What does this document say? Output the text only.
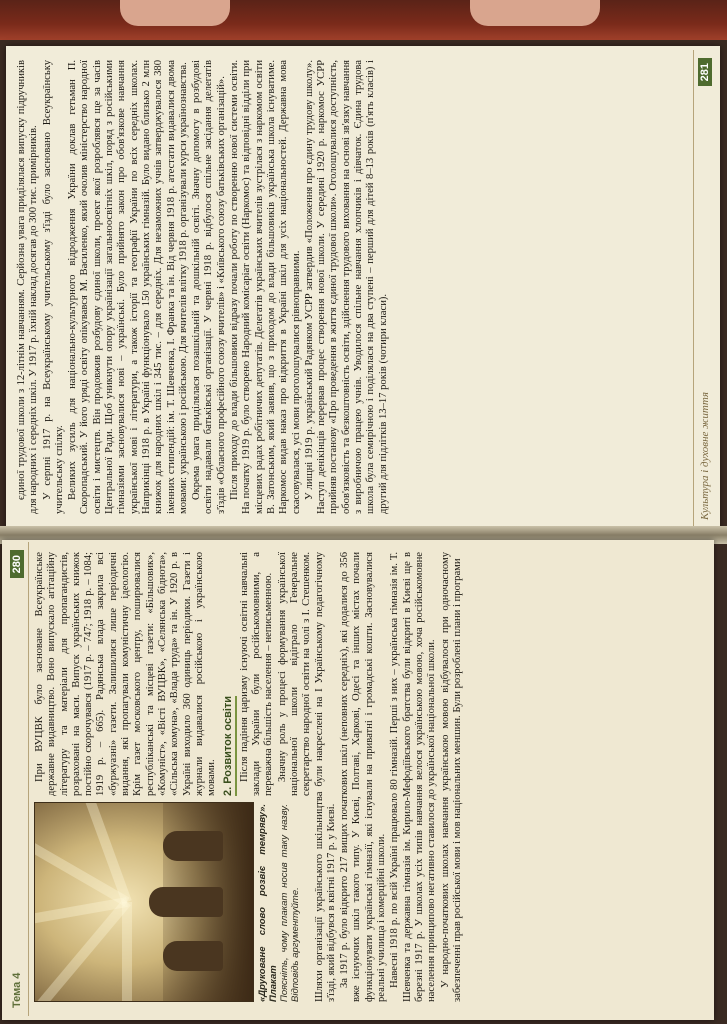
єдиної трудової школи з 12-літнім навчанням. Серйозна увага приділялася випуску підручників для народних і середніх шкіл. У 1917 р. їхній наклад досягав до 300 тис. примірників. У серпні 1917 р. на Всеукраїнському учительському з'їзді було засновано Всеукраїнську учительську спілку. Великих зусиль для національно-культурного відродження України доклав гетьман П. Скоропадський. У його уряді освіту опікувався М. Василенко, який очолив міністерство народної освіти і мистецтв. Він продовжив розбудову єдиної школи, проект якої розроблявся ще за часів Центральної Ради. Щоб уникнути опору українізації загальноосвітніх шкіл, поряд з російськими гімназіями засновувалися нові – українські. Було прийнято закон про обов'язкове навчання української мові і літератури, а також історії та географії України по всіх середніх школах. Наприкінці 1918 р. в Україні функціонувало 150 українських гімназій. Було видано близько 2 млн книжок для народних шкіл і 345 тис. – для середніх. Для незаможних учнів затверджувалося 380 іменних стипендій: ім. Т. Шевченка, І. Франка та ін. Від червня 1918 р. атестати видавалися двома мовами: українською і російською. Для вчителів влітку 1918 р. організували курси українознавства. Окрема увага приділялася позашкільній та дошкільній освіті. Значну допомогу в розбудові освіти надавали батьківські організації. У червні 1918 р. відбулося спільне засідання делегатів з'їздів «Обласного професійного союзу вчителів» і «Київського союзу батьківських організацій». Після приходу до влади більшовики відразу почали роботу по створенню нової системи освіти. На початку 1919 р. було створено Народний комісаріат освіти (Наркомос) та відповідні відділи при місцевих радах робітничих депутатів. Делегатів українських вчителів зустрілася з наркомом освіти В. Затонським, який заявив, що з приходом до влади більшовиків українська школа існуватиме. Наркомос видав наказ про відкриття в Україні шкіл для усіх національностей. Державна мова скасовувалася, усі мови проголошувалися рівноправними. У лищні 1919 р. український Радянком УСРР затвердив «Положення про єдину трудову школу». Наступ денікінців перервав процес створення нової школи. У середині 1920 р. наркомос УСРР прийняв постанову «Про проведення в життя єдиної трудової школи». Оголошувалися доступність, обов'язковість та безкоштовність освіти, здійснення трудового виховання на основі зв'язку навчання з виробничою працею учнів. Уводилося спільне навчання хлопчиків і дівчаток. Єдина трудова школа була семирічною і поділялася на два ступені – перший для дітей 8–13 років (п'ять класів) і другий для підлітків 13–17 років (чотири класи).	Культура і духовне життя
281
Тема 4
280
«Друковане слово розвіє темряву». Плакат Поясніть, чому плакат носив таку назву. Відповідь аргументуйте.

При ВУЦВК було засноване Всеукраїнське державне видавництво. Воно випускало агітаційну літературу та матеріали для пропагандистів, розраховані на маси. Випуск українських книжок постійно скорочувався (1917 р. – 747; 1918 р. – 1084; 1919 р. – 665). Радянська влада закрила всі «буржуазні» газети. Залишилися лише періодичні видання, які пропагували комуністичну ідеологію. Крім газет московського центру, поширювалися республіканські та місцеві газети: «Більшовик», «Комуніст», «Вісті ВУЦВК», «Селянська біднота», «Сільська комуна», «Влада труда» та ін. У 1920 р. в Україні виходило 360 одиниць періодики. Газети і журнали видавалися російською і українською мовами. 2. Розвиток освіти Після падіння царизму існуючі освітні навчальні заклади України були російськомовними, а переважна більшість населення – неписьменною. Значну роль у процесі формування української національної школи відіграло Генеральне секретарство народної освіти на чолі з І. Стешенком. Шляхи організації українського шкільництва були накреслені на І Українському педагогічному з'їзді, який відбувся в квітні 1917 р. у Києві. За 1917 р. було відкрито 217 вищих початкових шкіл (неповних середніх), які додалися до 356 вже існуючих шкіл такого типу. У Києві, Полтаві, Харкові, Одесі та інших містах почали функціонувати українські гімназії, які існували на приватні і громадські кошти. Засновувалися реальні училища і комерційні школи. Навесні 1918 р. по всій Україні працювало 80 гімназій. Перші з них – українська гімназія ім. Т. Шевченка та державна гімназія ім. Кирило-Мефодіївського братства були відкриті в Києві ще в березні 1917 р. У школах усіх типів навчання велося українською мовою, хоча російськомовне населення принципово негативно ставилося до української національної школи. У народно-початкових школах навчання українською мовою відбувалося при одночасному забезпеченні прав російської мови і мов національних меншин. Були розроблені плани і програми
